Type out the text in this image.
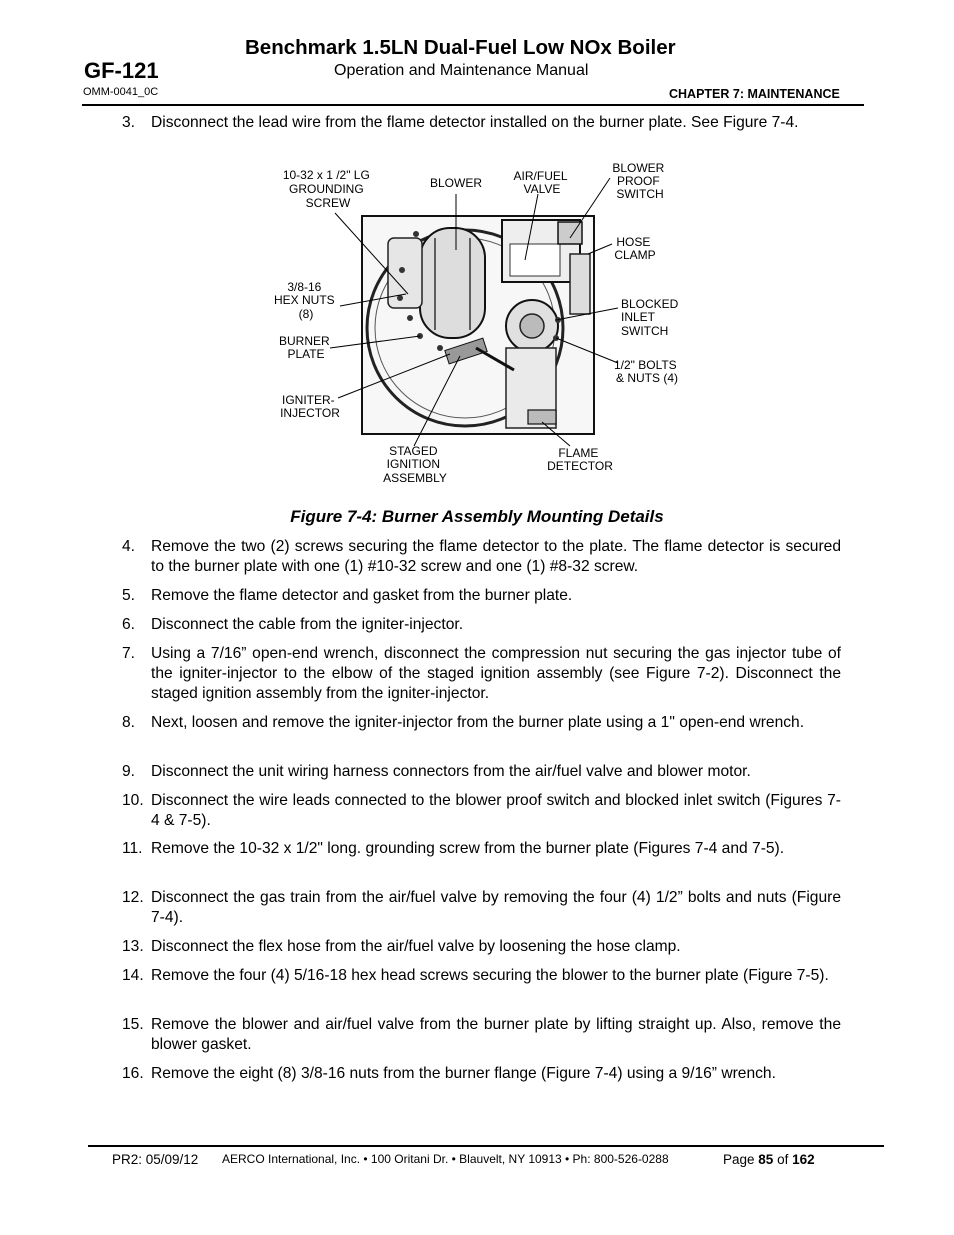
Benchmark 1.5LN Dual-Fuel Low NOx Boiler
GF-121	Operation and Maintenance Manual
OMM-0041_0C	CHAPTER 7: MAINTENANCE
3. Disconnect the lead wire from the flame detector installed on the burner plate. See Figure 7-4.
10-32 x 1 /2" LG GROUNDING SCREW
BLOWER	AIR/FUEL VALVE
BLOWER PROOF SWITCH
HOSE CLAMP
3/8-16 HEX NUTS (8)
BLOCKED INLET SWITCH
BURNER PLATE
1/2" BOLTS & NUTS (4)
IGNITER- INJECTOR
STAGED IGNITION ASSEMBLY
FLAME DETECTOR
Figure 7-4: Burner Assembly Mounting Details
4. Remove the two (2) screws securing the flame detector to the plate. The flame detector is secured to the burner plate with one (1) #10-32 screw and one (1) #8-32 screw.
5. Remove the flame detector and gasket from the burner plate.
6. Disconnect the cable from the igniter-injector.
7. Using a 7/16” open-end wrench, disconnect the compression nut securing the gas injector tube of the igniter-injector to the elbow of the staged ignition assembly (see Figure 7-2). Disconnect the staged ignition assembly from the igniter-injector.
8. Next, loosen and remove the igniter-injector from the burner plate using a 1" open-end wrench.
9. Disconnect the unit wiring harness connectors from the air/fuel valve and blower motor.
10. Disconnect the wire leads connected to the blower proof switch and blocked inlet switch (Figures 7-4 & 7-5).
11. Remove the 10-32 x 1/2" long. grounding screw from the burner plate (Figures 7-4 and 7-5).
12. Disconnect the gas train from the air/fuel valve by removing the four (4) 1/2” bolts and nuts (Figure 7-4).
13. Disconnect the flex hose from the air/fuel valve by loosening the hose clamp.
14. Remove the four (4) 5/16-18 hex head screws securing the blower to the burner plate (Figure 7-5).
15. Remove the blower and air/fuel valve from the burner plate by lifting straight up. Also, remove the blower gasket.
16. Remove the eight (8) 3/8-16 nuts from the burner flange (Figure 7-4) using a 9/16” wrench.
PR2: 05/09/12 AERCO International, Inc. • 100 Oritani Dr. • Blauvelt, NY 10913 • Ph: 800-526-0288	Page 85 of 162
